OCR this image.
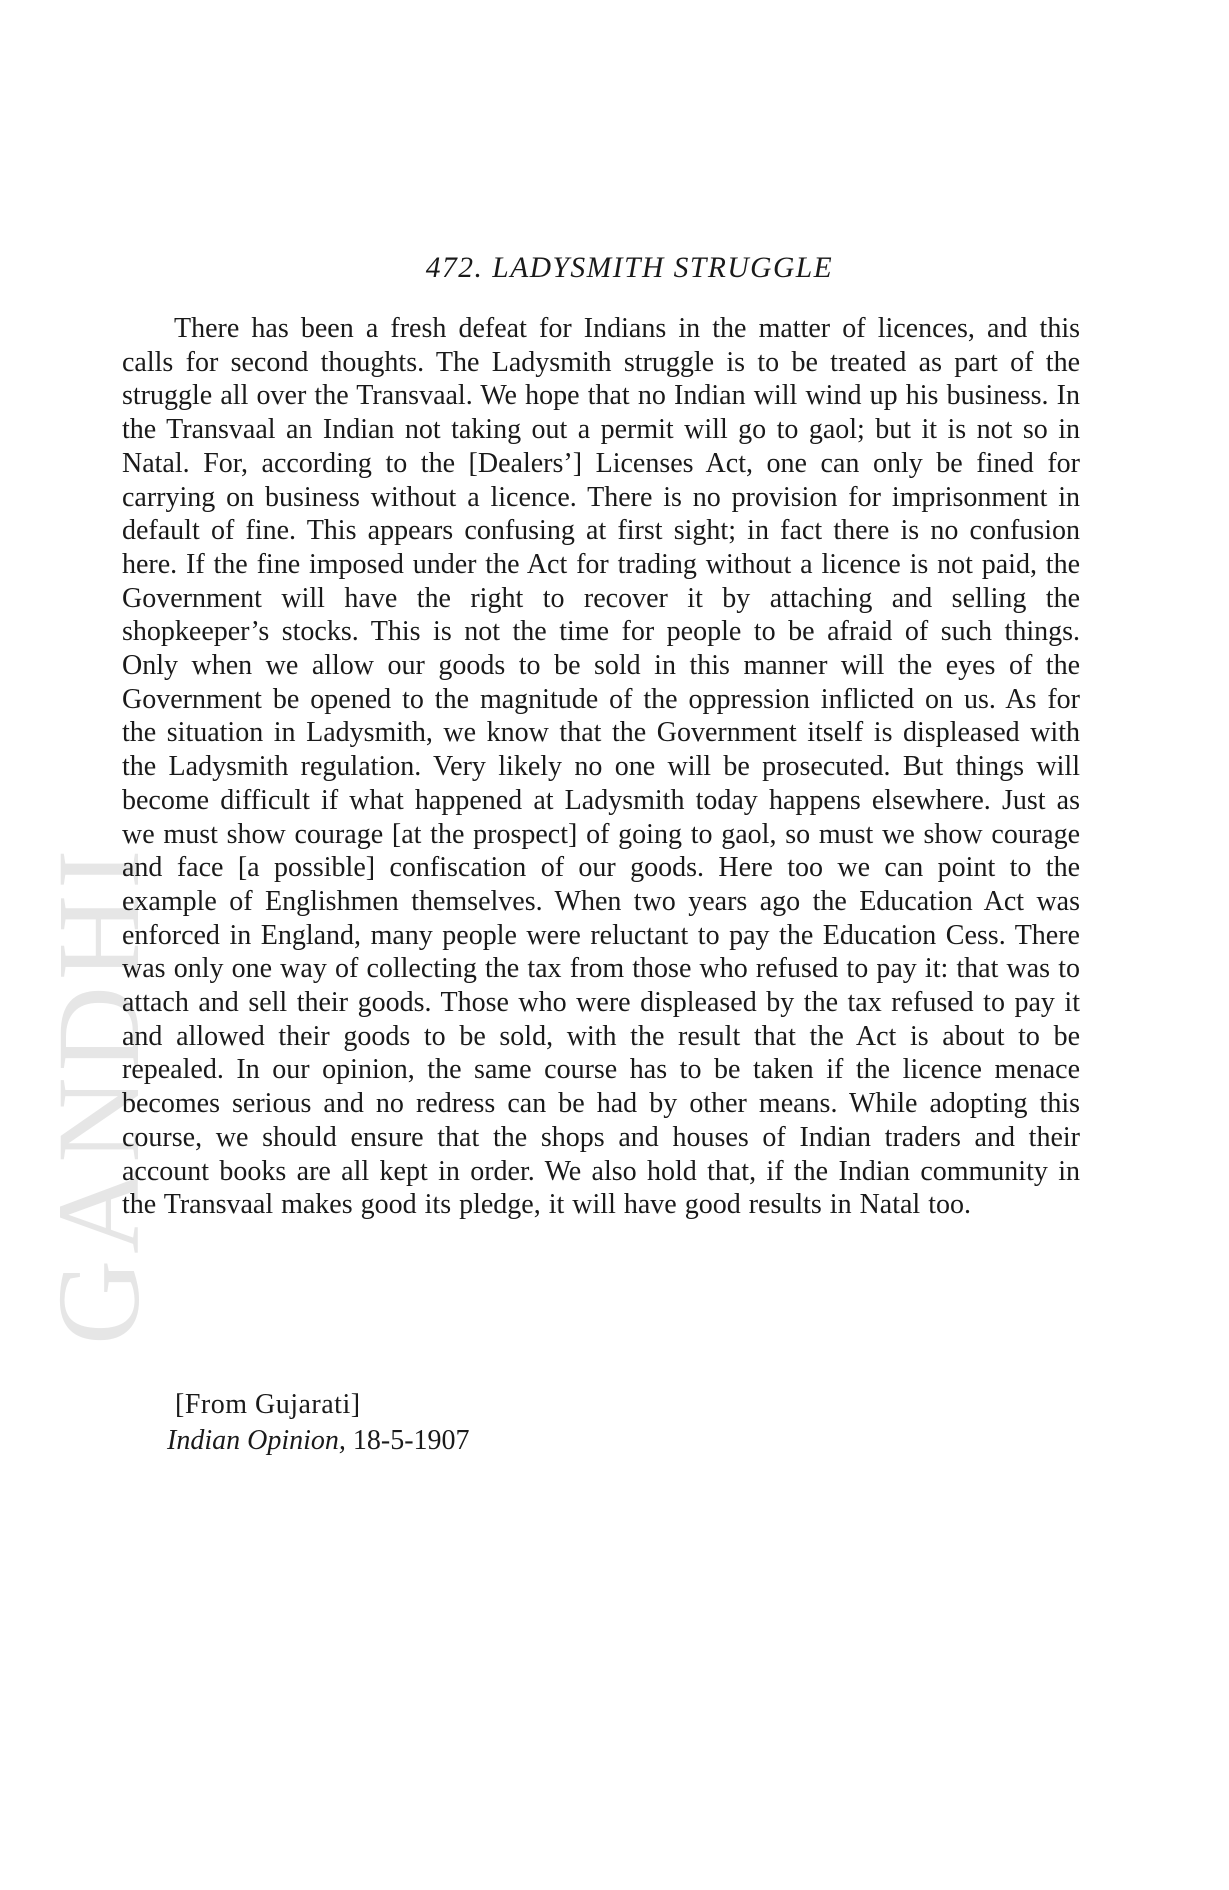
GANDHI
472. LADYSMITH STRUGGLE

There has been a fresh defeat for Indians in the matter of licences, and this calls for second thoughts. The Ladysmith struggle is to be treated as part of the struggle all over the Transvaal. We hope that no Indian will wind up his business. In the Transvaal an Indian not taking out a permit will go to gaol; but it is not so in Natal. For, according to the [Dealers’] Licenses Act, one can only be fined for carrying on business without a licence. There is no provision for imprisonment in default of fine. This appears confusing at first sight; in fact there is no confusion here. If the fine imposed under the Act for trading without a licence is not paid, the Government will have the right to recover it by attaching and selling the shopkeeper’s stocks. This is not the time for people to be afraid of such things. Only when we allow our goods to be sold in this manner will the eyes of the Government be opened to the magnitude of the oppression inflicted on us. As for the situation in Ladysmith, we know that the Government itself is displeased with the Ladysmith regulation. Very likely no one will be prosecuted. But things will become difficult if what happened at Ladysmith today happens elsewhere. Just as we must show courage [at the prospect] of going to gaol, so must we show courage and face [a possible] confiscation of our goods. Here too we can point to the example of Englishmen themselves. When two years ago the Education Act was enforced in England, many people were reluctant to pay the Education Cess. There was only one way of collecting the tax from those who refused to pay it: that was to attach and sell their goods. Those who were displeased by the tax refused to pay it and allowed their goods to be sold, with the result that the Act is about to be repealed. In our opinion, the same course has to be taken if the licence menace becomes serious and no redress can be had by other means. While adopting this course, we should ensure that the shops and houses of Indian traders and their account books are all kept in order. We also hold that, if the Indian community in the Transvaal makes good its pledge, it will have good results in Natal too.

[From Gujarati]

Indian Opinion, 18-5-1907
